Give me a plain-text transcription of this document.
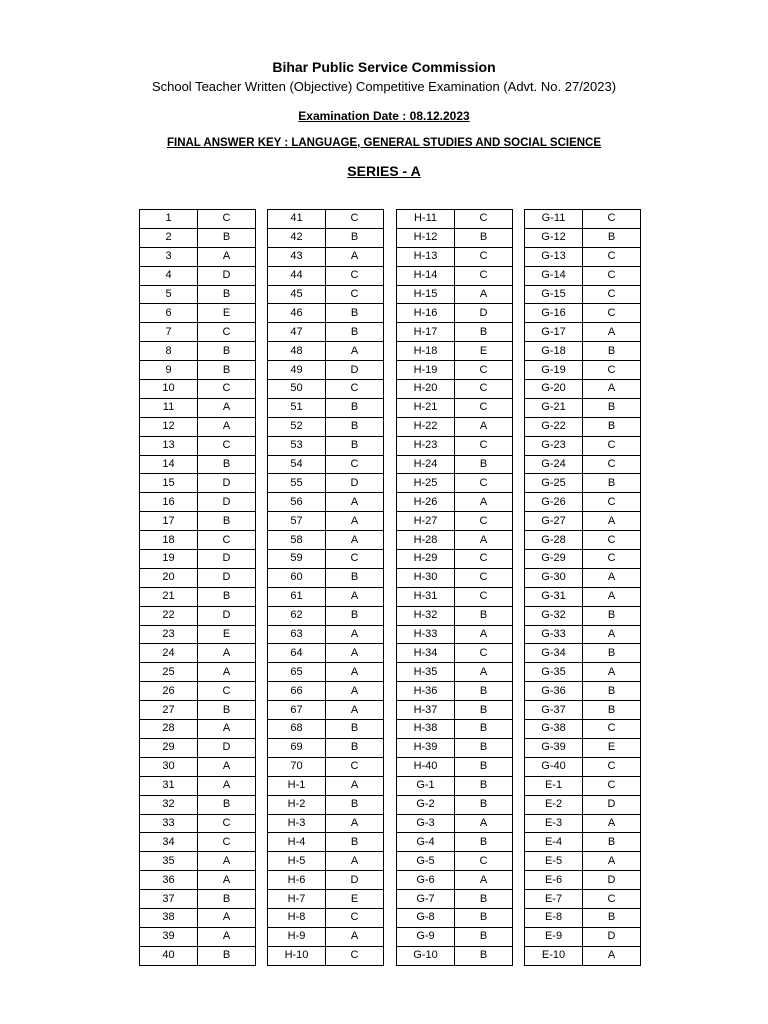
Bihar Public Service Commission
School Teacher Written (Objective) Competitive Examination (Advt. No. 27/2023)
Examination Date : 08.12.2023
FINAL ANSWER KEY : LANGUAGE, GENERAL STUDIES AND SOCIAL SCIENCE
SERIES - A
1	C
2	B
3	A
4	D
5	B
6	E
7	C
8	B
9	B
10	C
11	A
12	A
13	C
14	B
15	D
16	D
17	B
18	C
19	D
20	D
21	B
22	D
23	E
24	A
25	A
26	C
27	B
28	A
29	D
30	A
31	A
32	B
33	C
34	C
35	A
36	A
37	B
38	A
39	A
40	B
41	C
42	B
43	A
44	C
45	C
46	B
47	B
48	A
49	D
50	C
51	B
52	B
53	B
54	C
55	D
56	A
57	A
58	A
59	C
60	B
61	A
62	B
63	A
64	A
65	A
66	A
67	A
68	B
69	B
70	C
H-1	A
H-2	B
H-3	A
H-4	B
H-5	A
H-6	D
H-7	E
H-8	C
H-9	A
H-10	C
H-11	C
H-12	B
H-13	C
H-14	C
H-15	A
H-16	D
H-17	B
H-18	E
H-19	C
H-20	C
H-21	C
H-22	A
H-23	C
H-24	B
H-25	C
H-26	A
H-27	C
H-28	A
H-29	C
H-30	C
H-31	C
H-32	B
H-33	A
H-34	C
H-35	A
H-36	B
H-37	B
H-38	B
H-39	B
H-40	B
G-1	B
G-2	B
G-3	A
G-4	B
G-5	C
G-6	A
G-7	B
G-8	B
G-9	B
G-10	B
G-11	C
G-12	B
G-13	C
G-14	C
G-15	C
G-16	C
G-17	A
G-18	B
G-19	C
G-20	A
G-21	B
G-22	B
G-23	C
G-24	C
G-25	B
G-26	C
G-27	A
G-28	C
G-29	C
G-30	A
G-31	A
G-32	B
G-33	A
G-34	B
G-35	A
G-36	B
G-37	B
G-38	C
G-39	E
G-40	C
E-1	C
E-2	D
E-3	A
E-4	B
E-5	A
E-6	D
E-7	C
E-8	B
E-9	D
E-10	A
